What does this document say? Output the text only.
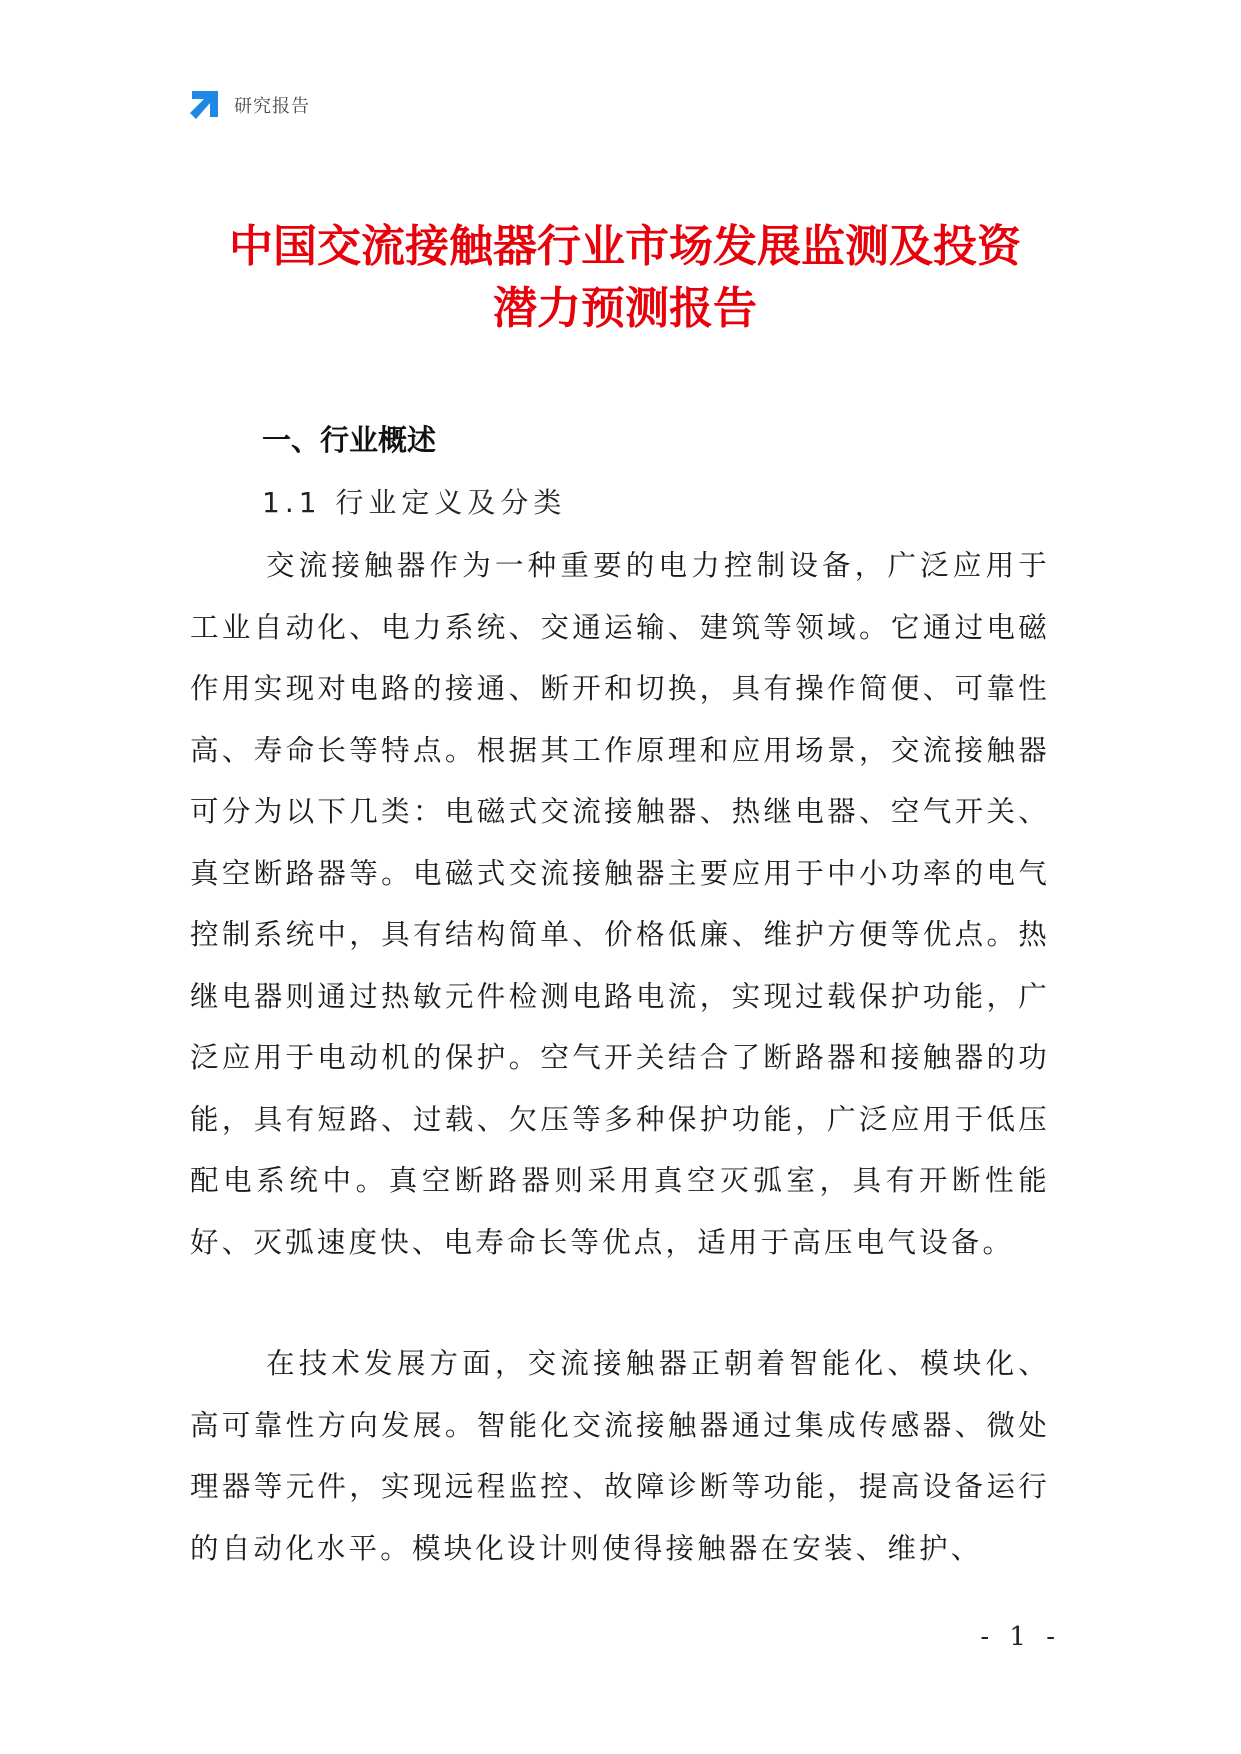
研究报告
中国交流接触器行业市场发展监测及投资
潜力预测报告
一、行业概述
1.1 行业定义及分类

交流接触器作为一种重要的电力控制设备，广泛应用于工业自动化、电力系统、交通运输、建筑等领域。它通过电磁作用实现对电路的接通、断开和切换，具有操作简便、可靠性高、寿命长等特点。根据其工作原理和应用场景，交流接触器可分为以下几类：电磁式交流接触器、热继电器、空气开关、真空断路器等。电磁式交流接触器主要应用于中小功率的电气控制系统中，具有结构简单、价格低廉、维护方便等优点。热继电器则通过热敏元件检测电路电流，实现过载保护功能，广泛应用于电动机的保护。空气开关结合了断路器和接触器的功能，具有短路、过载、欠压等多种保护功能，广泛应用于低压配电系统中。真空断路器则采用真空灭弧室，具有开断性能好、灭弧速度快、电寿命长等优点，适用于高压电气设备。

在技术发展方面，交流接触器正朝着智能化、模块化、高可靠性方向发展。智能化交流接触器通过集成传感器、微处理器等元件，实现远程监控、故障诊断等功能，提高设备运行的自动化水平。模块化设计则使得接触器在安装、维护、

- 1 -
